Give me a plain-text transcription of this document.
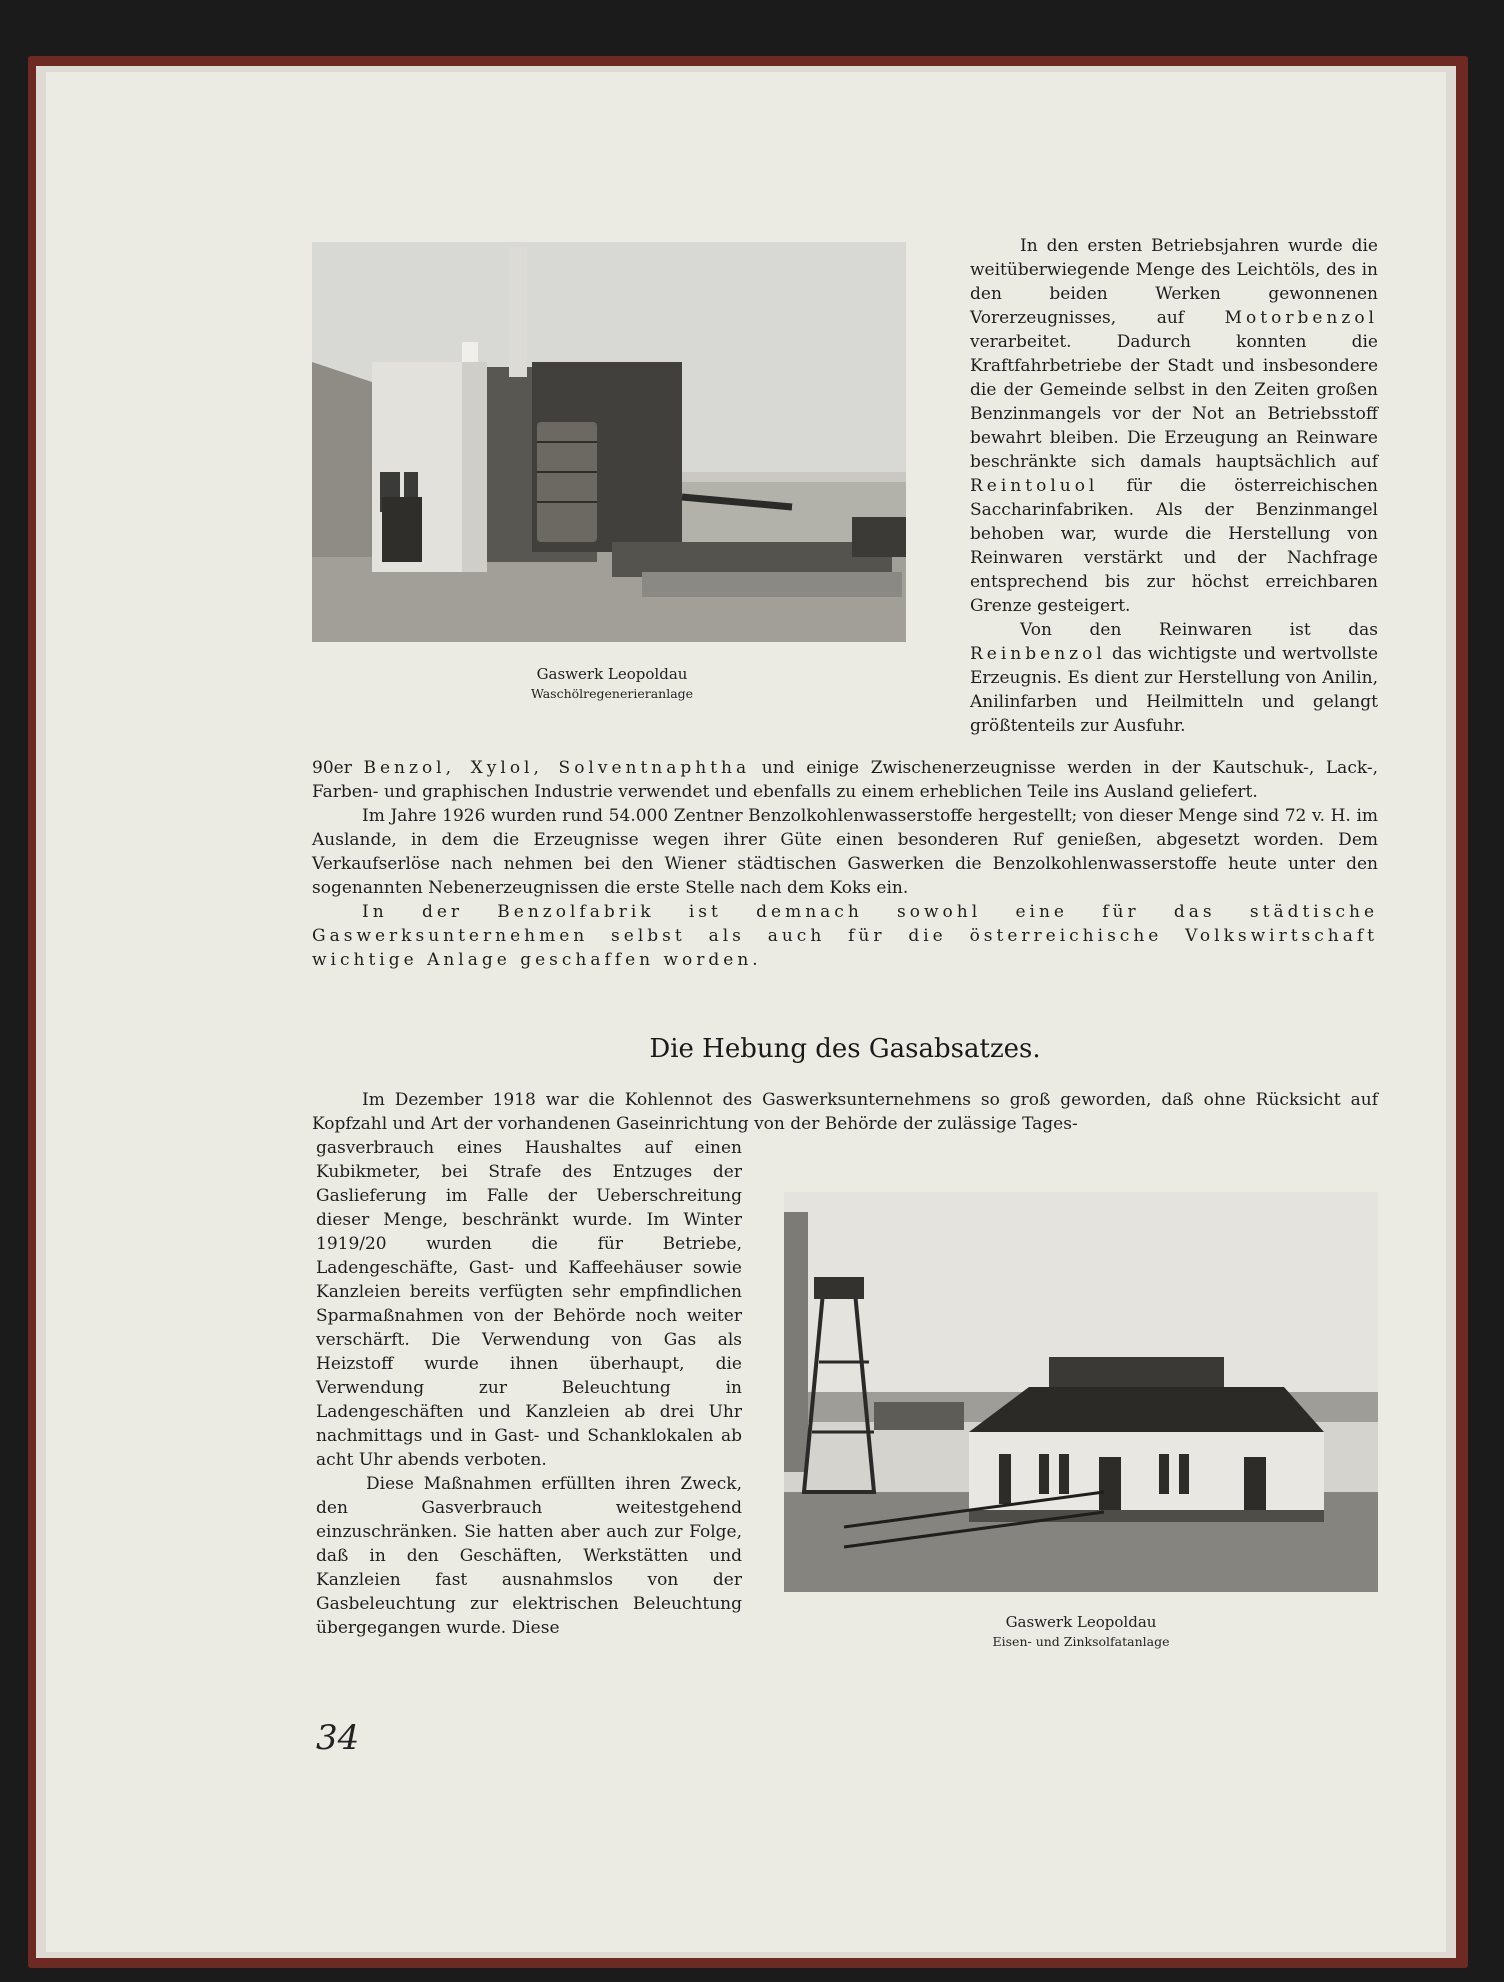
Gaswerk Leopoldau
Waschölregenerieranlage

In den ersten Betriebsjahren wurde die weitüberwiegende Menge des Leichtöls, des in den beiden Werken gewonnenen Vorerzeugnisses, auf Motorbenzol verarbeitet. Dadurch konnten die Kraftfahrbetriebe der Stadt und insbesondere die der Gemeinde selbst in den Zeiten großen Benzinmangels vor der Not an Betriebsstoff bewahrt bleiben. Die Erzeugung an Reinware beschränkte sich damals hauptsächlich auf Reintoluol für die österreichischen Saccharinfabriken. Als der Benzinmangel behoben war, wurde die Herstellung von Reinwaren verstärkt und der Nachfrage entsprechend bis zur höchst erreichbaren Grenze gesteigert.

Von den Reinwaren ist das Reinbenzol das wichtigste und wertvollste Erzeugnis. Es dient zur Herstellung von Anilin, Anilinfarben und Heilmitteln und gelangt größtenteils zur Ausfuhr.

90er Benzol, Xylol, Solventnaphtha und einige Zwischenerzeugnisse werden in der Kautschuk-, Lack-, Farben- und graphischen Industrie verwendet und ebenfalls zu einem erheblichen Teile ins Ausland geliefert.

Im Jahre 1926 wurden rund 54.000 Zentner Benzolkohlenwasserstoffe hergestellt; von dieser Menge sind 72 v. H. im Auslande, in dem die Erzeugnisse wegen ihrer Güte einen besonderen Ruf genießen, abgesetzt worden. Dem Verkaufserlöse nach nehmen bei den Wiener städtischen Gaswerken die Benzolkohlenwasserstoffe heute unter den sogenannten Nebenerzeugnissen die erste Stelle nach dem Koks ein.

In der Benzolfabrik ist demnach sowohl eine für das städtische Gaswerksunternehmen selbst als auch für die österreichische Volkswirtschaft wichtige Anlage geschaffen worden.

Die Hebung des Gasabsatzes.

Im Dezember 1918 war die Kohlennot des Gaswerksunternehmens so groß geworden, daß ohne Rücksicht auf Kopfzahl und Art der vorhandenen Gaseinrichtung von der Behörde der zulässige Tages-

gasverbrauch eines Haushaltes auf einen Kubikmeter, bei Strafe des Entzuges der Gaslieferung im Falle der Ueberschreitung dieser Menge, beschränkt wurde. Im Winter 1919/20 wurden die für Betriebe, Ladengeschäfte, Gast- und Kaffeehäuser sowie Kanzleien bereits verfügten sehr empfindlichen Sparmaßnahmen von der Behörde noch weiter verschärft. Die Verwendung von Gas als Heizstoff wurde ihnen überhaupt, die Verwendung zur Beleuchtung in Ladengeschäften und Kanzleien ab drei Uhr nachmittags und in Gast- und Schanklokalen ab acht Uhr abends verboten.

Diese Maßnahmen erfüllten ihren Zweck, den Gasverbrauch weitestgehend einzuschränken. Sie hatten aber auch zur Folge, daß in den Geschäften, Werkstätten und Kanzleien fast ausnahmslos von der Gasbeleuchtung zur elektrischen Beleuchtung übergegangen wurde. Diese	Gaswerk Leopoldau
Eisen- und Zinksolfatanlage
34
